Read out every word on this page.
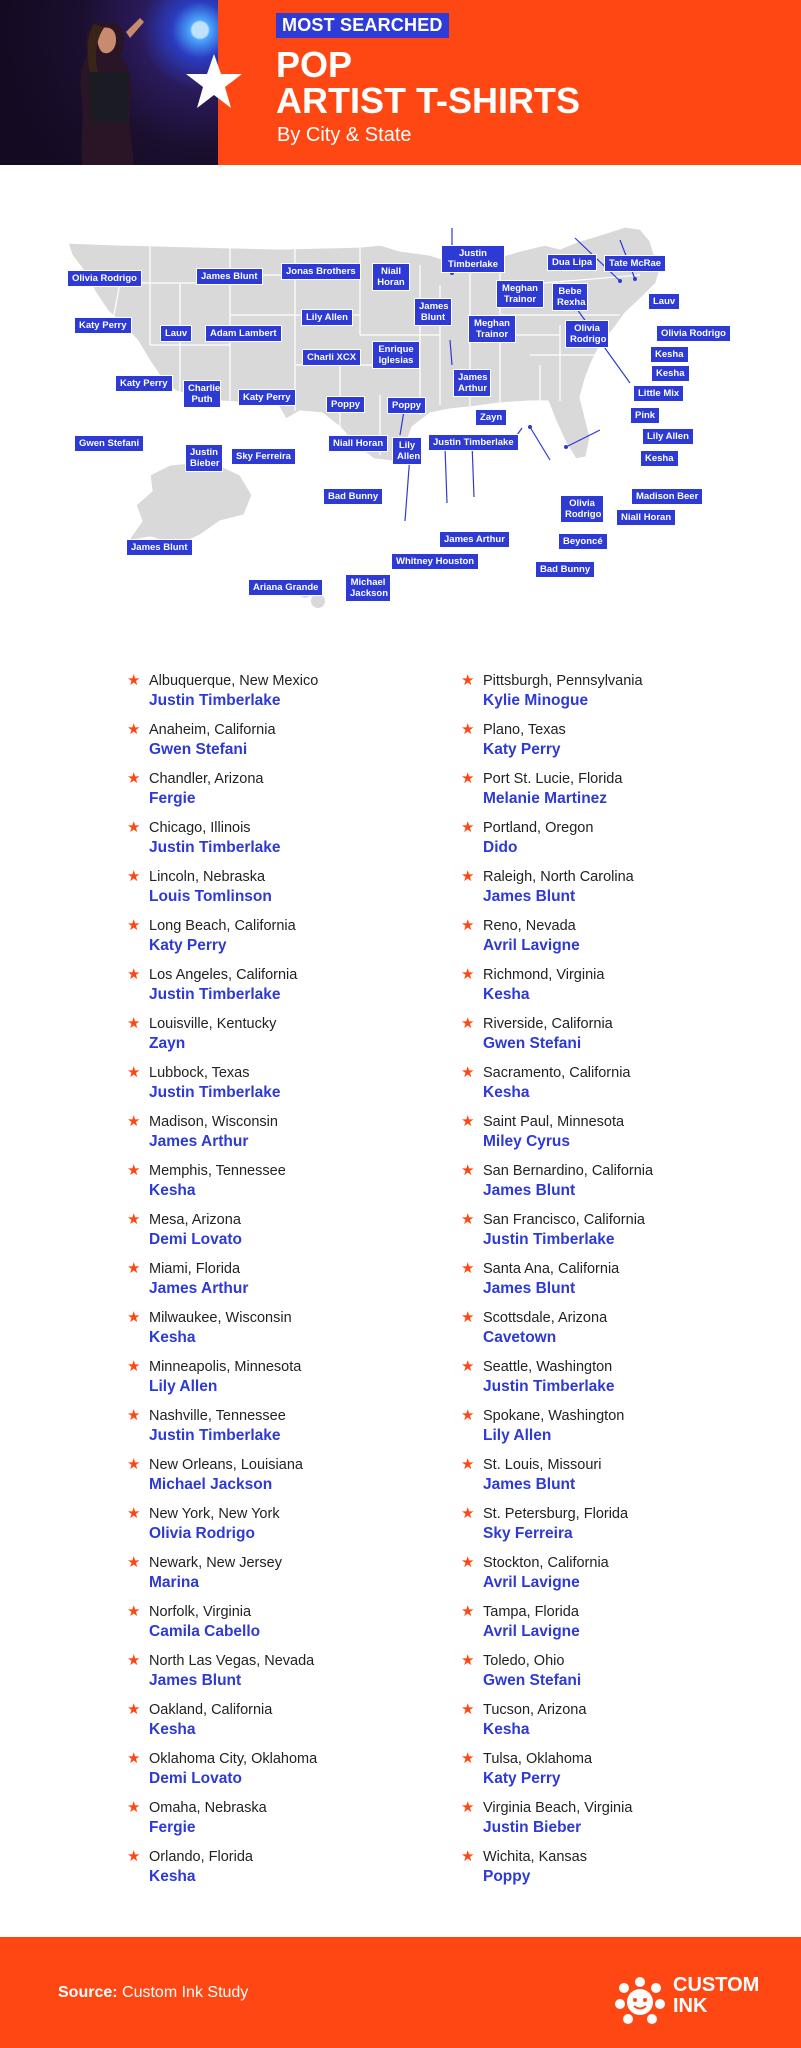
MOST SEARCHED
POP
ARTIST T-SHIRTS
By City & State
Olivia Rodrigo	James Blunt	Jonas Brothers	Niall Horan
Justin Timberlake	Dua Lipa	Tate McRae
Meghan Trainor
Bebe Rexha	Lauv
James Blunt
Katy Perry
Lauv	Adam Lambert
Lily Allen
Meghan Trainor
Olivia Rodrigo
Olivia Rodrigo
Kesha
Charli XCX
Enrique Iglesias
Kesha
Katy Perry	Charlie Puth	Katy Perry
James Arthur	Little Mix
Poppy	Poppy
Pink
Zayn
Gwen Stefani
Justin Bieber
Sky Ferreira
Niall Horan	Lily Allen
Justin Timberlake
Lily Allen
Kesha
Bad Bunny	Madison Beer
Olivia Rodrigo	Niall Horan
James Blunt
James Arthur	Beyoncé
Whitney Houston
Ariana Grande
Bad Bunny
Michael Jackson
★ Albuquerque, New Mexico
Justin Timberlake
★ Anaheim, California
Gwen Stefani
★ Chandler, Arizona
Fergie
★ Chicago, Illinois
Justin Timberlake
★ Lincoln, Nebraska
Louis Tomlinson
★ Long Beach, California
Katy Perry
★ Los Angeles, California
Justin Timberlake
★ Louisville, Kentucky
Zayn
★ Lubbock, Texas
Justin Timberlake
★ Madison, Wisconsin
James Arthur
★ Memphis, Tennessee
Kesha
★ Mesa, Arizona
Demi Lovato
★ Miami, Florida
James Arthur
★ Milwaukee, Wisconsin
Kesha
★ Minneapolis, Minnesota
Lily Allen
★ Nashville, Tennessee
Justin Timberlake
★ New Orleans, Louisiana
Michael Jackson
★ New York, New York
Olivia Rodrigo
★ Newark, New Jersey
Marina
★ Norfolk, Virginia
Camila Cabello
★ North Las Vegas, Nevada
James Blunt
★ Oakland, California
Kesha
★ Oklahoma City, Oklahoma
Demi Lovato
★ Omaha, Nebraska
Fergie
★ Orlando, Florida
Kesha
★ Pittsburgh, Pennsylvania
Kylie Minogue
★ Plano, Texas
Katy Perry
★ Port St. Lucie, Florida
Melanie Martinez
★ Portland, Oregon
Dido
★ Raleigh, North Carolina
James Blunt
★ Reno, Nevada
Avril Lavigne
★ Richmond, Virginia
Kesha
★ Riverside, California
Gwen Stefani
★ Sacramento, California
Kesha
★ Saint Paul, Minnesota
Miley Cyrus
★ San Bernardino, California
James Blunt
★ San Francisco, California
Justin Timberlake
★ Santa Ana, California
James Blunt
★ Scottsdale, Arizona
Cavetown
★ Seattle, Washington
Justin Timberlake
★ Spokane, Washington
Lily Allen
★ St. Louis, Missouri
James Blunt
★ St. Petersburg, Florida
Sky Ferreira
★ Stockton, California
Avril Lavigne
★ Tampa, Florida
Avril Lavigne
★ Toledo, Ohio
Gwen Stefani
★ Tucson, Arizona
Kesha
★ Tulsa, Oklahoma
Katy Perry
★ Virginia Beach, Virginia
Justin Bieber
★ Wichita, Kansas
Poppy
Source: Custom Ink Study	CUSTOM
INK
